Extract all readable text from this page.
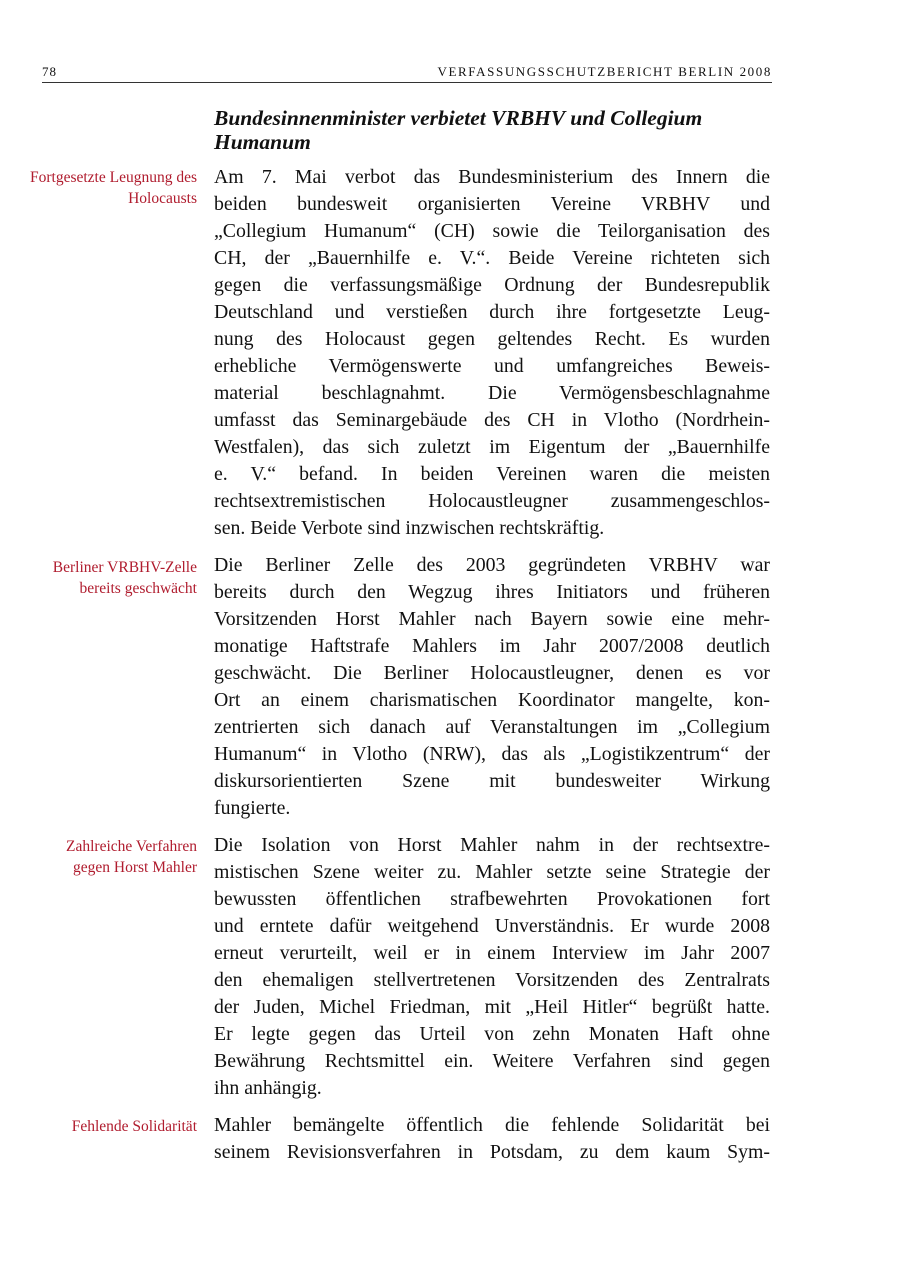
78	VERFASSUNGSSCHUTZBERICHT BERLIN 2008
Bundesinnenminister verbietet VRBHV und Collegium Humanum
Fortgesetzte Leugnung des Holocausts
Berliner VRBHV-Zelle bereits geschwächt
Zahlreiche Verfahren gegen Horst Mahler
Fehlende Solidarität
Am 7. Mai verbot das Bundesministerium des Innern die
beiden bundesweit organisierten Vereine VRBHV und
„Collegium Humanum“ (CH) sowie die Teilorganisation des
CH, der „Bauernhilfe e. V.“. Beide Vereine richteten sich
gegen die verfassungsmäßige Ordnung der Bundesrepublik
Deutschland und verstießen durch ihre fortgesetzte Leug-
nung des Holocaust gegen geltendes Recht. Es wurden
erhebliche Vermögenswerte und umfangreiches Beweis-
material beschlagnahmt. Die Vermögensbeschlagnahme
umfasst das Seminargebäude des CH in Vlotho (Nordrhein-
Westfalen), das sich zuletzt im Eigentum der „Bauernhilfe
e. V.“ befand. In beiden Vereinen waren die meisten
rechtsextremistischen Holocaustleugner zusammengeschlos-
sen. Beide Verbote sind inzwischen rechtskräftig.
Die Berliner Zelle des 2003 gegründeten VRBHV war
bereits durch den Wegzug ihres Initiators und früheren
Vorsitzenden Horst Mahler nach Bayern sowie eine mehr-
monatige Haftstrafe Mahlers im Jahr 2007/2008 deutlich
geschwächt. Die Berliner Holocaustleugner, denen es vor
Ort an einem charismatischen Koordinator mangelte, kon-
zentrierten sich danach auf Veranstaltungen im „Collegium
Humanum“ in Vlotho (NRW), das als „Logistikzentrum“ der
diskursorientierten Szene mit bundesweiter Wirkung
fungierte.
Die Isolation von Horst Mahler nahm in der rechtsextre-
mistischen Szene weiter zu. Mahler setzte seine Strategie der
bewussten öffentlichen strafbewehrten Provokationen fort
und erntete dafür weitgehend Unverständnis. Er wurde 2008
erneut verurteilt, weil er in einem Interview im Jahr 2007
den ehemaligen stellvertretenen Vorsitzenden des Zentralrats
der Juden, Michel Friedman, mit „Heil Hitler“ begrüßt hatte.
Er legte gegen das Urteil von zehn Monaten Haft ohne
Bewährung Rechtsmittel ein. Weitere Verfahren sind gegen
ihn anhängig.
Mahler bemängelte öffentlich die fehlende Solidarität bei
seinem Revisionsverfahren in Potsdam, zu dem kaum Sym-
